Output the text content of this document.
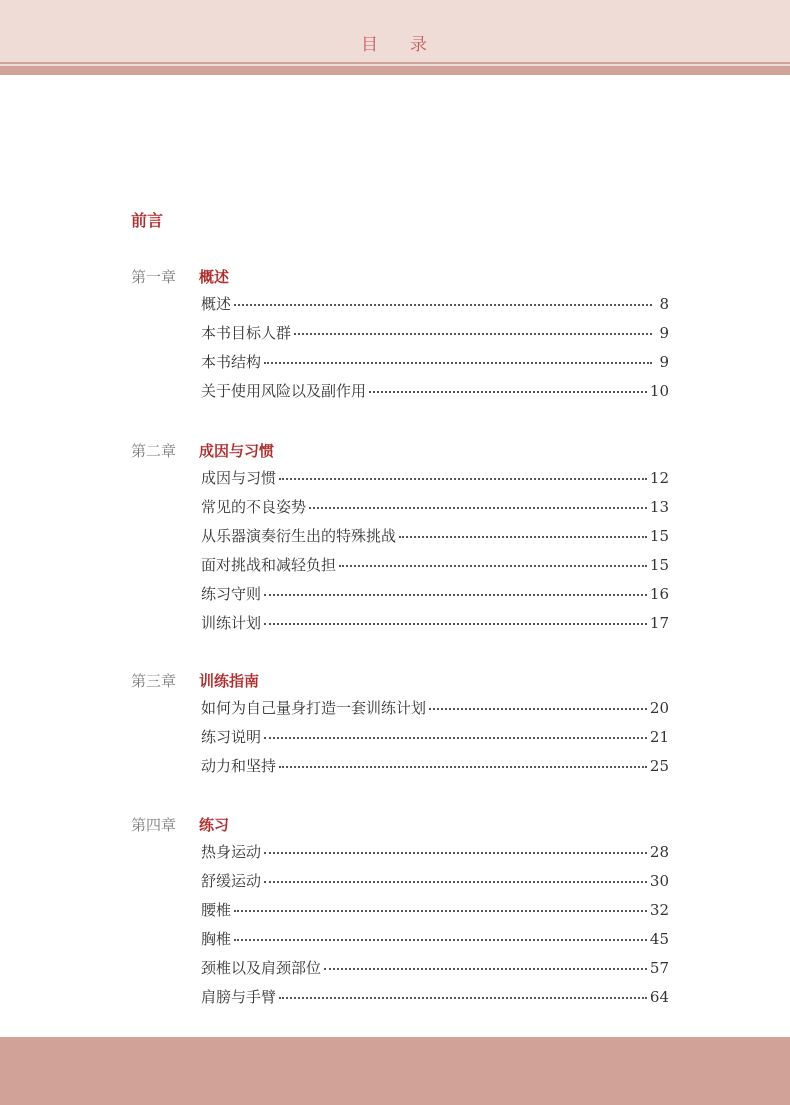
目 录
前言
第一章 概述
概述	8
本书目标人群	9
本书结构	9
关于使用风险以及副作用	10
第二章 成因与习惯
成因与习惯	12
常见的不良姿势	13
从乐器演奏衍生出的特殊挑战	15
面对挑战和减轻负担	15
练习守则	16
训练计划	17
第三章 训练指南
如何为自己量身打造一套训练计划	20
练习说明	21
动力和坚持	25
第四章 练习
热身运动	28
舒缓运动	30
腰椎	32
胸椎	45
颈椎以及肩颈部位	57
肩膀与手臂	64
